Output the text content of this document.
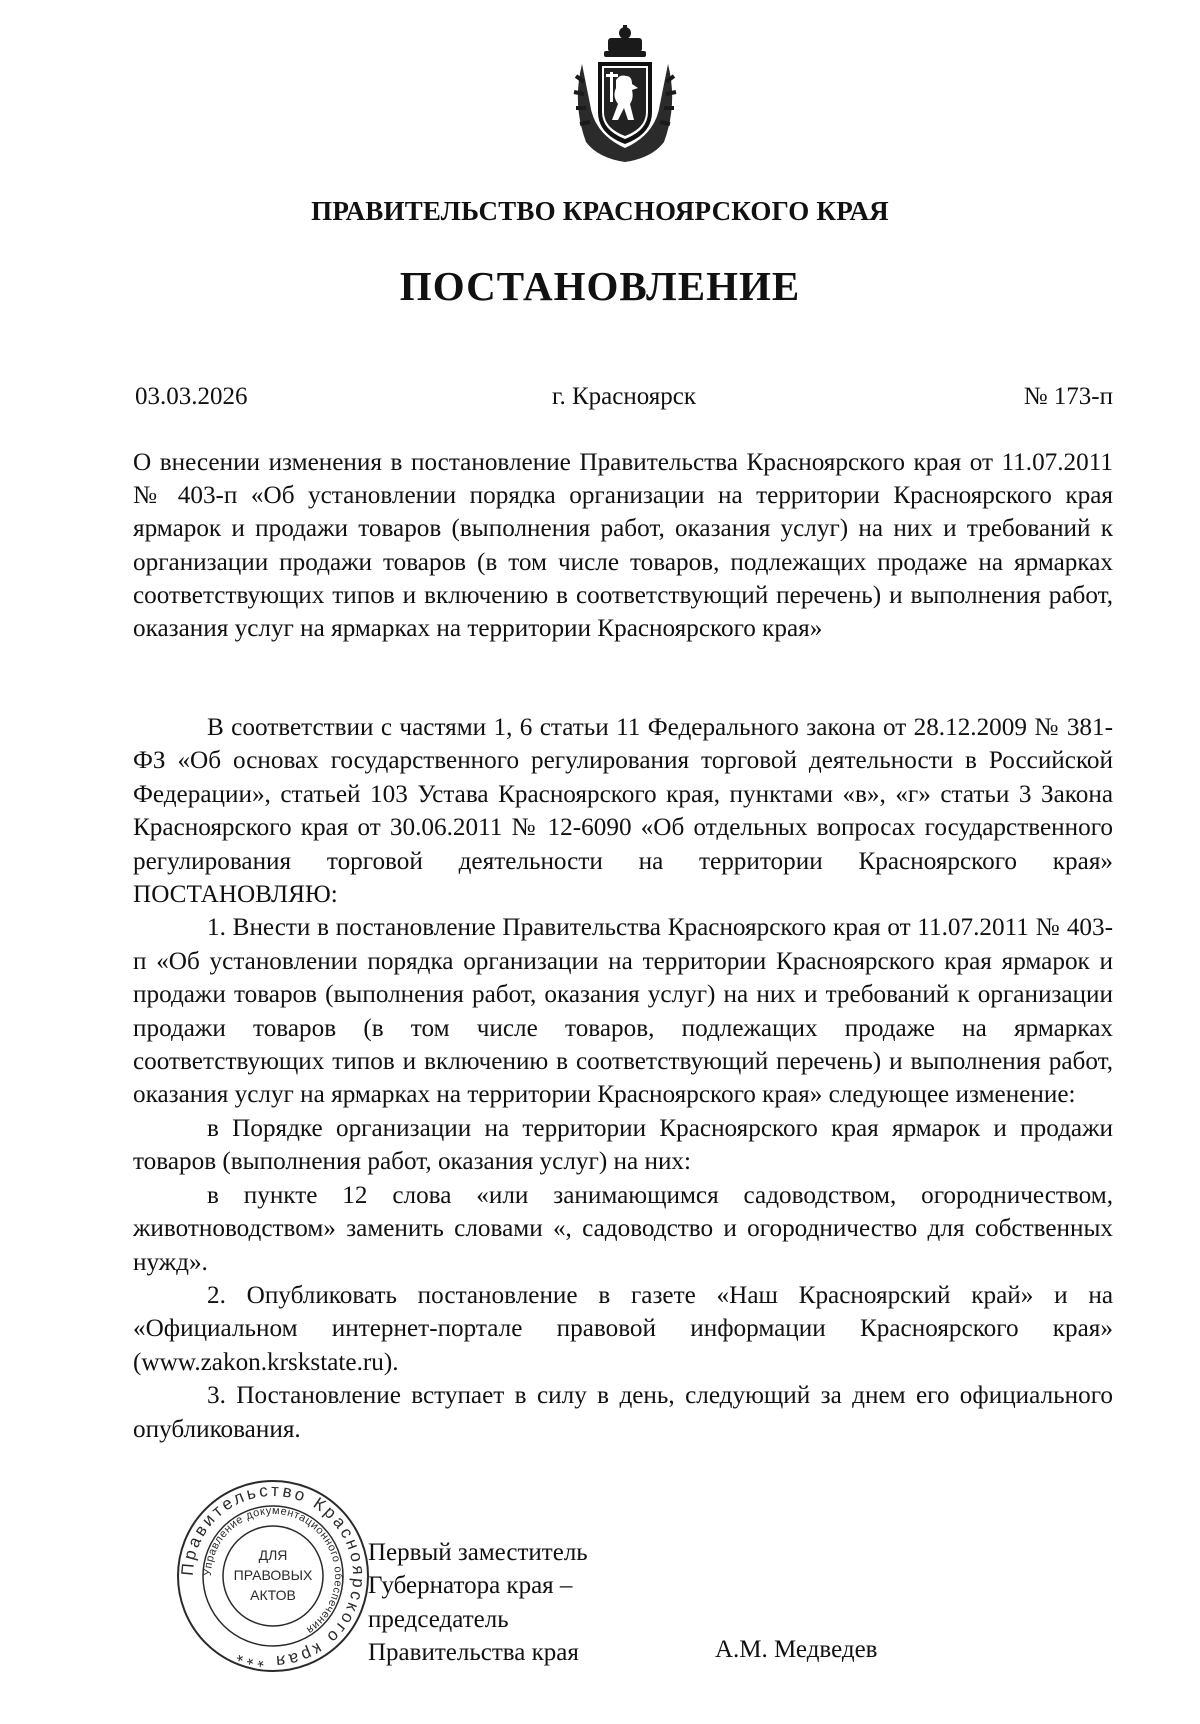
ПРАВИТЕЛЬСТВО КРАСНОЯРСКОГО КРАЯ
ПОСТАНОВЛЕНИЕ
03.03.2026	г. Красноярск	№ 173-п
О внесении изменения в постановление Правительства Красноярского края от 11.07.2011 № 403-п «Об установлении порядка организации на территории Красноярского края ярмарок и продажи товаров (выполнения работ, оказания услуг) на них и требований к организации продажи товаров (в том числе товаров, подлежащих продаже на ярмарках соответствующих типов и включению в соответствующий перечень) и выполнения работ, оказания услуг на ярмарках на территории Красноярского края»

В соответствии с частями 1, 6 статьи 11 Федерального закона от 28.12.2009 № 381-ФЗ «Об основах государственного регулирования торговой деятельности в Российской Федерации», статьей 103 Устава Красноярского края, пунктами «в», «г» статьи 3 Закона Красноярского края от 30.06.2011 № 12-6090 «Об отдельных вопросах государственного регулирования торговой деятельности на территории Красноярского края» ПОСТАНОВЛЯЮ:

1. Внести в постановление Правительства Красноярского края от 11.07.2011 № 403-п «Об установлении порядка организации на территории Красноярского края ярмарок и продажи товаров (выполнения работ, оказания услуг) на них и требований к организации продажи товаров (в том числе товаров, подлежащих продаже на ярмарках соответствующих типов и включению в соответствующий перечень) и выполнения работ, оказания услуг на ярмарках на территории Красноярского края» следующее изменение:

в Порядке организации на территории Красноярского края ярмарок и продажи товаров (выполнения работ, оказания услуг) на них:

в пункте 12 слова «или занимающимся садоводством, огородничеством, животноводством» заменить словами «, садоводство и огородничество для собственных нужд».

2. Опубликовать постановление в газете «Наш Красноярский край» и на «Официальном интернет-портале правовой информации Красноярского края» (www.zakon.krskstate.ru).

3. Постановление вступает в силу в день, следующий за днем его официального опубликования.

Правительство Красноярского края ***
Управление документационного обеспечения
ДЛЯ
ПРАВОВЫХ
АКТОВ
Первый заместитель
Губернатора края –
председатель
Правительства края	А.М. Медведев
